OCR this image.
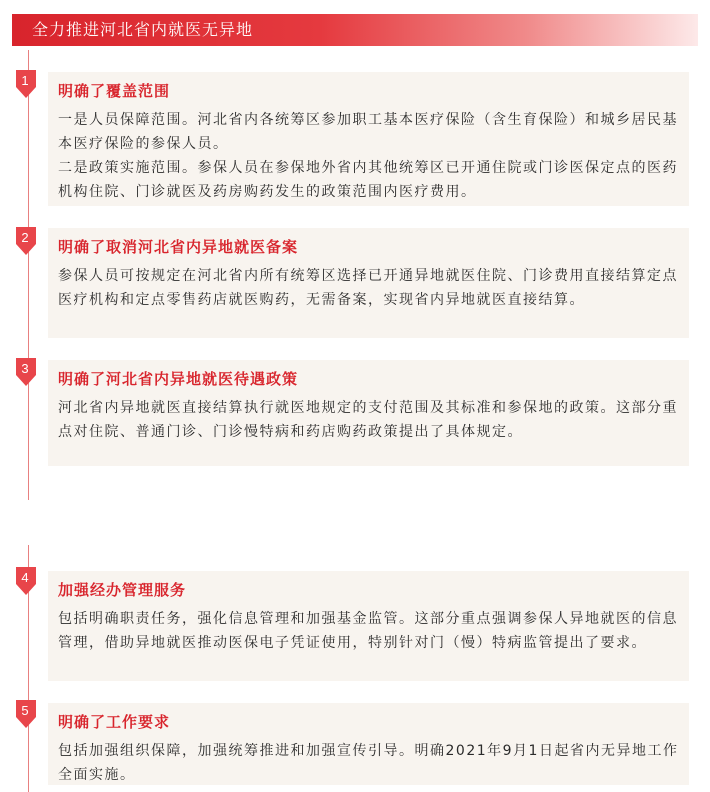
全力推进河北省内就医无异地
1
明确了覆盖范围

一是人员保障范围。河北省内各统筹区参加职工基本医疗保险（含生育保险）和城乡居民基本医疗保险的参保人员。

二是政策实施范围。参保人员在参保地外省内其他统筹区已开通住院或门诊医保定点的医药机构住院、门诊就医及药房购药发生的政策范围内医疗费用。

2
明确了取消河北省内异地就医备案

参保人员可按规定在河北省内所有统筹区选择已开通异地就医住院、门诊费用直接结算定点医疗机构和定点零售药店就医购药，无需备案，实现省内异地就医直接结算。

3
明确了河北省内异地就医待遇政策

河北省内异地就医直接结算执行就医地规定的支付范围及其标准和参保地的政策。这部分重点对住院、普通门诊、门诊慢特病和药店购药政策提出了具体规定。

4
加强经办管理服务

包括明确职责任务，强化信息管理和加强基金监管。这部分重点强调参保人异地就医的信息管理，借助异地就医推动医保电子凭证使用，特别针对门（慢）特病监管提出了要求。

5
明确了工作要求

包括加强组织保障，加强统筹推进和加强宣传引导。明确2021年9月1日起省内无异地工作全面实施。
